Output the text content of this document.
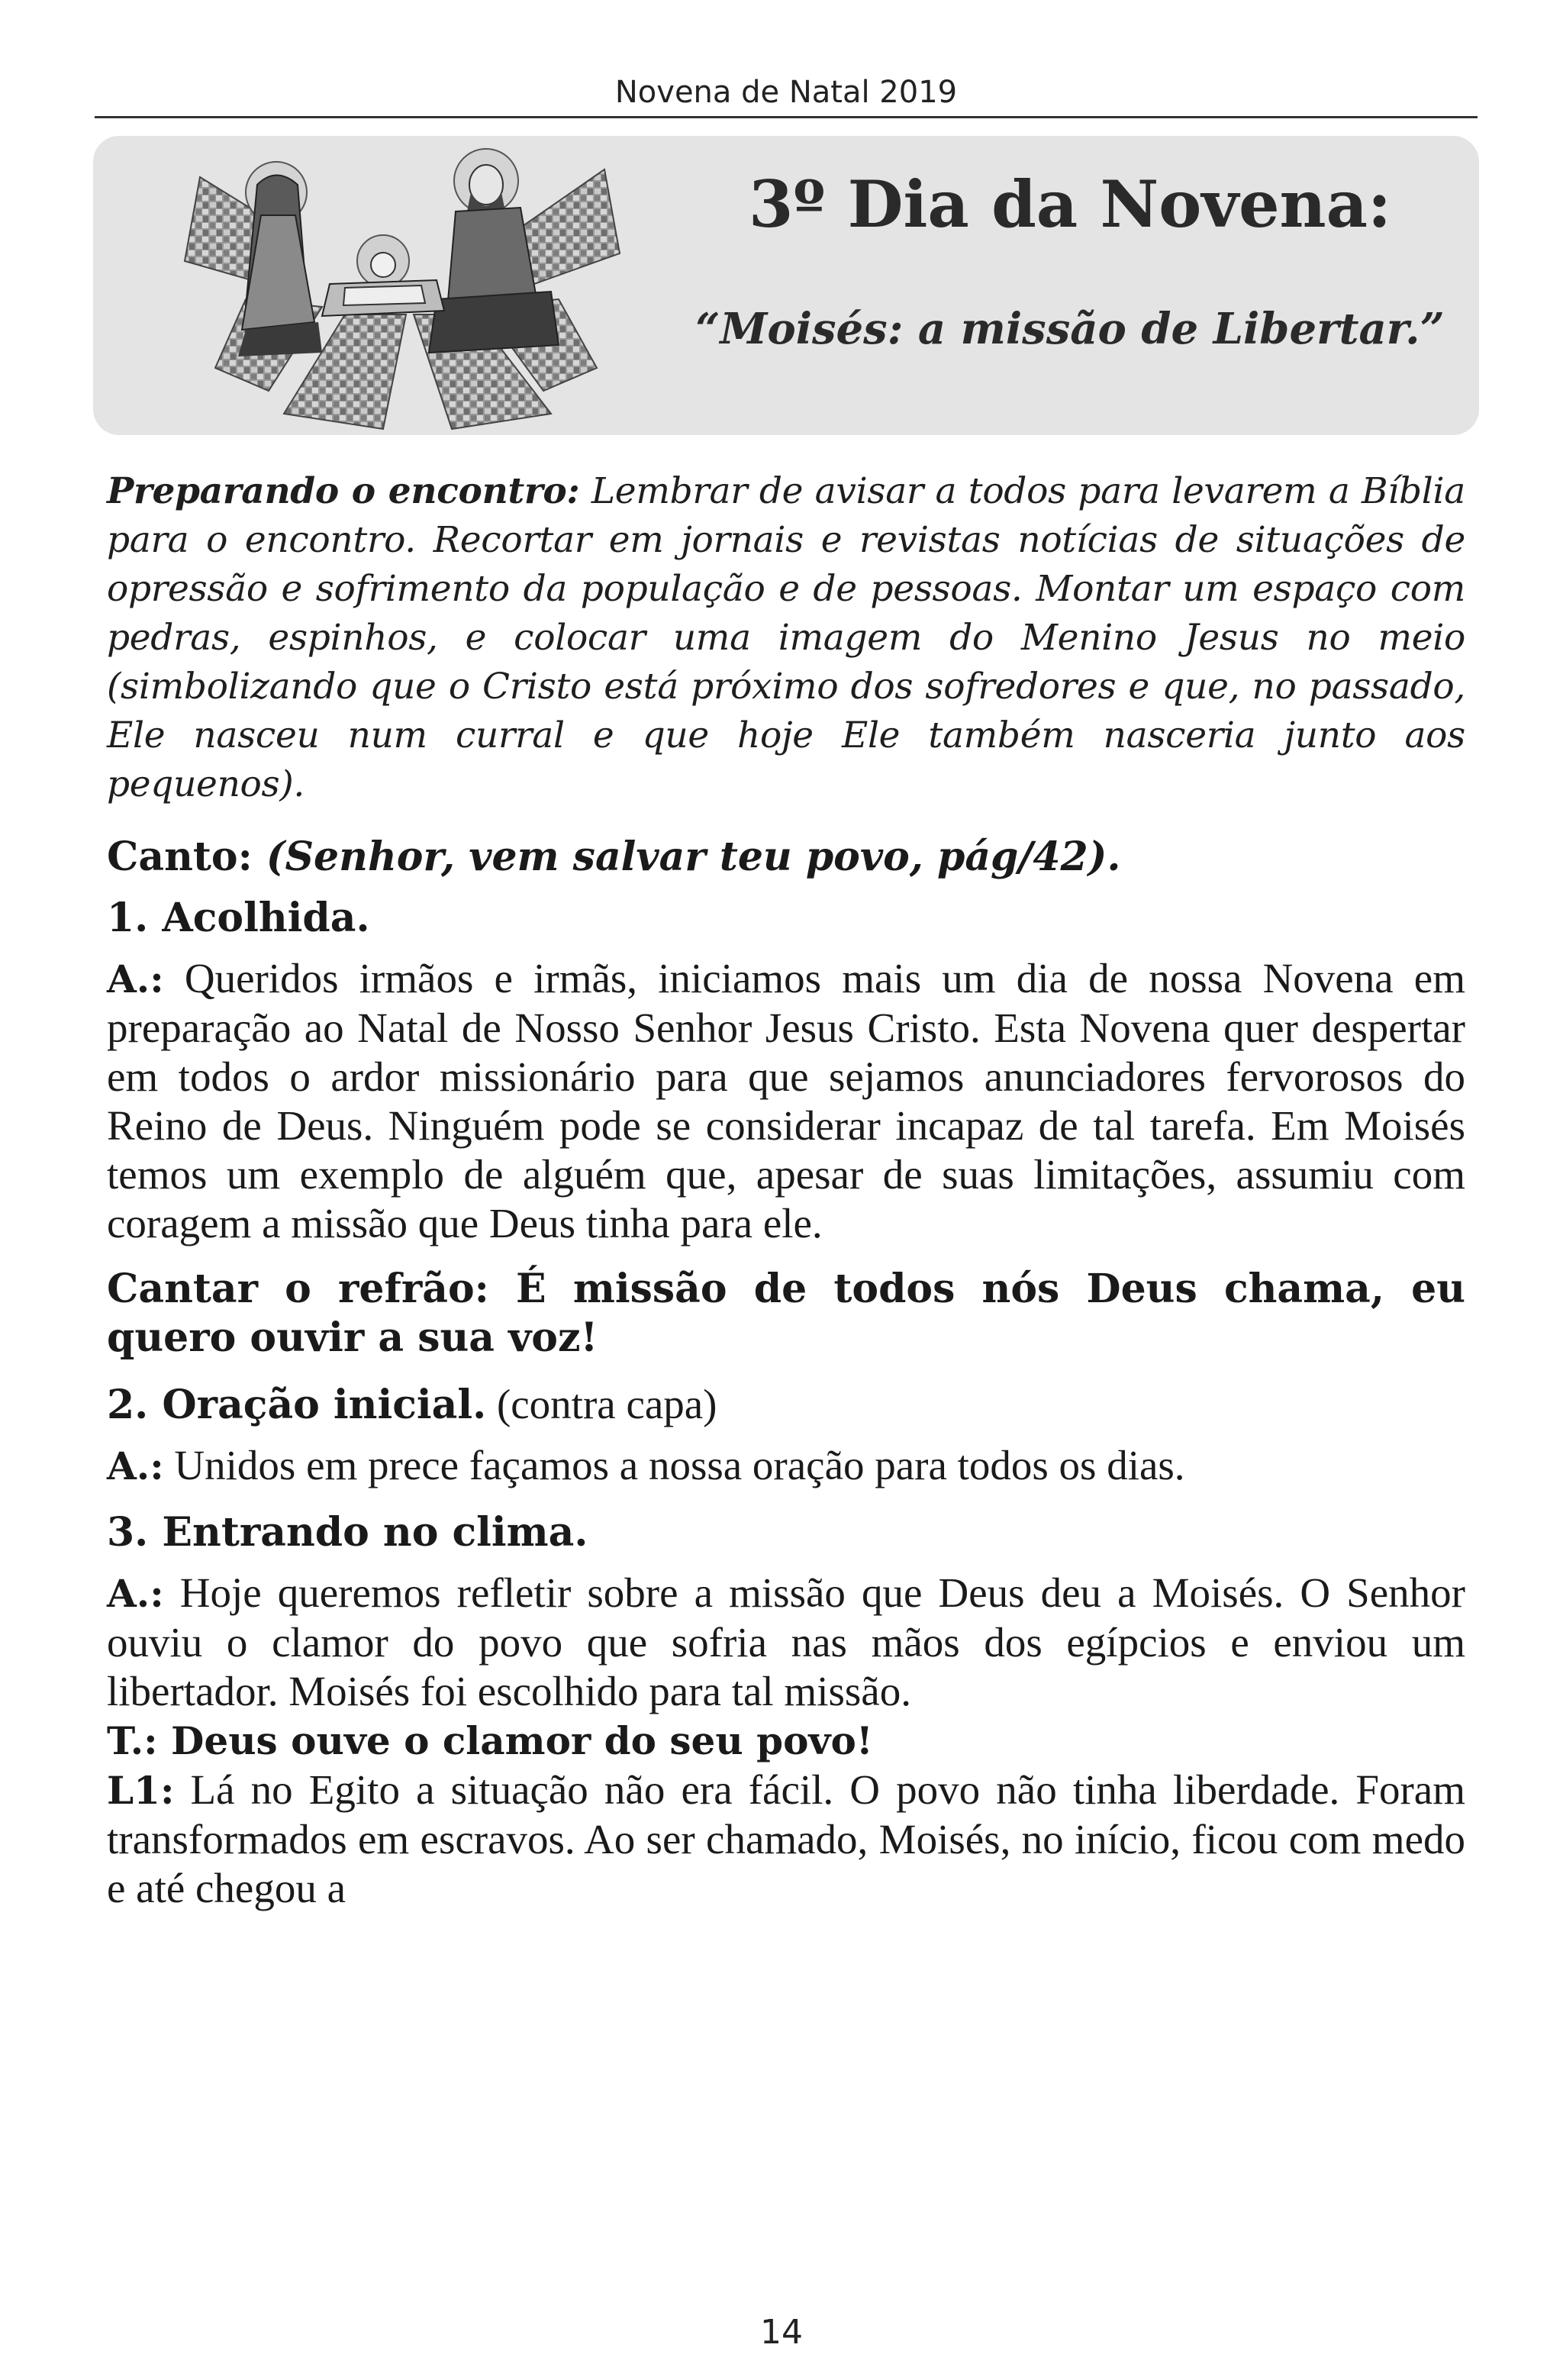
Novena de Natal 2019
3º Dia da Novena:
“Moisés: a missão de Libertar.”

Preparando o encontro: Lembrar de avisar a todos para levarem a Bíblia para o encontro. Recortar em jornais e revistas notícias de situações de opressão e sofrimento da população e de pessoas. Montar um espaço com pedras, espinhos, e colocar uma imagem do Menino Jesus no meio (simbolizando que o Cristo está próximo dos sofredores e que, no passado, Ele nasceu num curral e que hoje Ele também nasceria junto aos pequenos).

Canto: (Senhor, vem salvar teu povo, pág/42).

1. Acolhida.

A.: Queridos irmãos e irmãs, iniciamos mais um dia de nossa Novena em preparação ao Natal de Nosso Senhor Jesus Cristo. Esta Novena quer despertar em todos o ardor missionário para que sejamos anunciadores fervorosos do Reino de Deus. Ninguém pode se considerar incapaz de tal tarefa. Em Moisés temos um exemplo de alguém que, apesar de suas limitações, assumiu com coragem a missão que Deus tinha para ele.

Cantar o refrão: É missão de todos nós Deus chama, eu quero ouvir a sua voz!

2. Oração inicial. (contra capa)

A.: Unidos em prece façamos a nossa oração para todos os dias.

3. Entrando no clima.

A.: Hoje queremos refletir sobre a missão que Deus deu a Moisés. O Senhor ouviu o clamor do povo que sofria nas mãos dos egípcios e enviou um libertador. Moisés foi escolhido para tal missão.

T.: Deus ouve o clamor do seu povo!

L1: Lá no Egito a situação não era fácil. O povo não tinha liberdade. Foram transformados em escravos. Ao ser chamado, Moisés, no início, ficou com medo e até chegou a

14
